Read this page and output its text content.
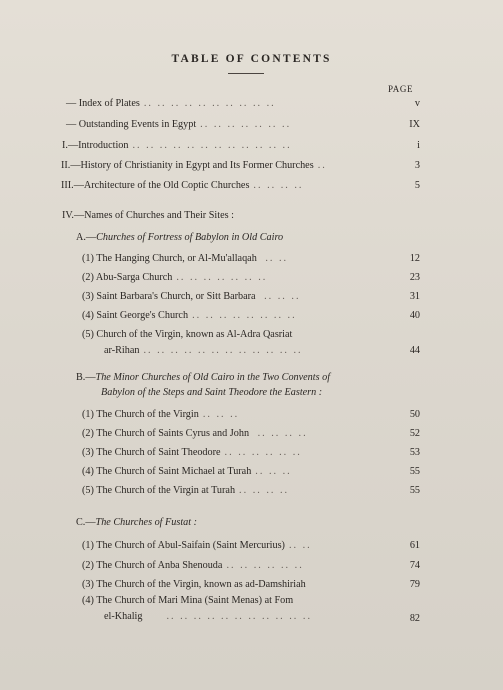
TABLE OF CONTENTS
PAGE
— Index of Plates .. .. .. .. .. .. .. .. .. ..	v
— Outstanding Events in Egypt .. .. .. .. .. .. ..	IX
I.—Introduction .. .. .. .. .. .. .. .. .. .. .. ..	i
II.—History of Christianity in Egypt and Its Former Churches ..	3
III.—Architecture of the Old Coptic Churches .. .. .. ..	5
IV.—Names of Churches and Their Sites :
A.—Churches of Fortress of Babylon in Old Cairo
(1) The Hanging Church, or Al-Mu'allaqah .. ..	12
(2) Abu-Sarga Church .. .. .. .. .. .. ..	23
(3) Saint Barbara's Church, or Sitt Barbara .. .. ..	31
(4) Saint George's Church .. .. .. .. .. .. .. ..	40
(5) Church of the Virgin, known as Al-Adra Qasriat
ar-Rihan .. .. .. .. .. .. .. .. .. .. .. ..	44
B.—The Minor Churches of Old Cairo in the Two Convents of
Babylon of the Steps and Saint Theodore the Eastern :
(1) The Church of the Virgin .. .. ..	50
(2) The Church of Saints Cyrus and John .. .. .. ..	52
(3) The Church of Saint Theodore .. .. .. .. .. ..	53
(4) The Church of Saint Michael at Turah .. .. ..	55
(5) The Church of the Virgin at Turah .. .. .. ..	55
C.—The Churches of Fustat :
(1) The Church of Abul-Saifain (Saint Mercurius) .. ..	61
(2) The Church of Anba Shenouda .. .. .. .. .. ..	74
(3) The Church of the Virgin, known as ad-Damshiriah	79
(4) The Church of Mari Mina (Saint Menas) at Fom
el-Khalig .. .. .. .. .. .. .. .. .. .. ..	82
